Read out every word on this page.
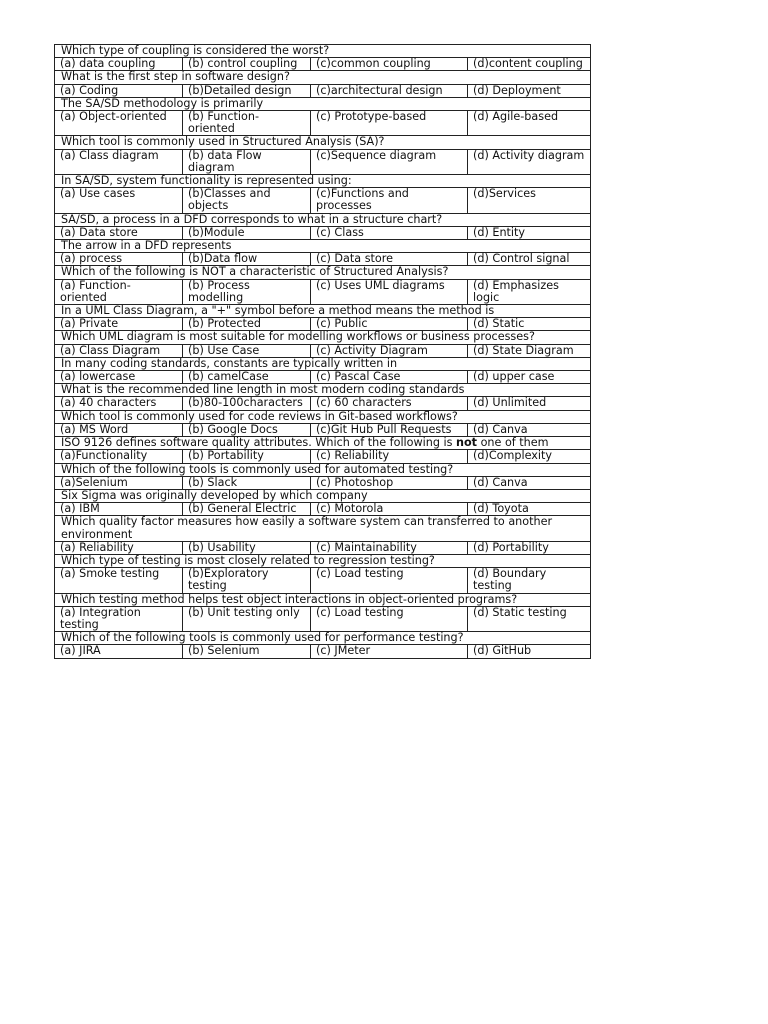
Which type of coupling is considered the worst?			
(a) data coupling	(b) control coupling	(c)common coupling	(d)content coupling
What is the first step in software design?			
(a) Coding	(b)Detailed design	(c)architectural design	(d) Deployment
The SA/SD methodology is primarily			
(a) Object-oriented	(b) Function-oriented	(c) Prototype-based	(d) Agile-based
Which tool is commonly used in Structured Analysis (SA)?			
(a) Class diagram	(b) data Flow diagram	(c)Sequence diagram	(d) Activity diagram
In SA/SD, system functionality is represented using:			
(a) Use cases	(b)Classes and objects	(c)Functions and processes	(d)Services
SA/SD, a process in a DFD corresponds to what in a structure chart?			
(a) Data store	(b)Module	(c) Class	(d) Entity
The arrow in a DFD represents			
(a) process	(b)Data flow	(c) Data store	(d) Control signal
Which of the following is NOT a characteristic of Structured Analysis?			
(a) Function-oriented	(b) Process modelling	(c) Uses UML diagrams	(d) Emphasizes logic
In a UML Class Diagram, a "+" symbol before a method means the method is			
(a) Private	(b) Protected	(c) Public	(d) Static
Which UML diagram is most suitable for modelling workflows or business processes?			
(a) Class Diagram	(b) Use Case	(c) Activity Diagram	(d) State Diagram
In many coding standards, constants are typically written in			
(a) lowercase	(b) camelCase	(c) Pascal Case	(d) upper case
What is the recommended line length in most modern coding standards			
(a) 40 characters	(b)80-100characters	(c) 60 characters	(d) Unlimited
Which tool is commonly used for code reviews in Git-based workflows?			
(a) MS Word	(b) Google Docs	(c)Git Hub Pull Requests	(d) Canva
ISO 9126 defines software quality attributes. Which of the following is not one of them			
(a)Functionality	(b) Portability	(c) Reliability	(d)Complexity
Which of the following tools is commonly used for automated testing?			
(a)Selenium	(b) Slack	(c) Photoshop	(d) Canva
Six Sigma was originally developed by which company			
(a) IBM	(b) General Electric	(c) Motorola	(d) Toyota
Which quality factor measures how easily a software system can transferred to another environment			
(a) Reliability	(b) Usability	(c) Maintainability	(d) Portability
Which type of testing is most closely related to regression testing?			
(a) Smoke testing	(b)Exploratory testing	(c) Load testing	(d) Boundary testing
Which testing method helps test object interactions in object-oriented programs?			
(a) Integration testing	(b) Unit testing only	(c) Load testing	(d) Static testing
Which of the following tools is commonly used for performance testing?			
(a) JIRA	(b) Selenium	(c) JMeter	(d) GitHub
